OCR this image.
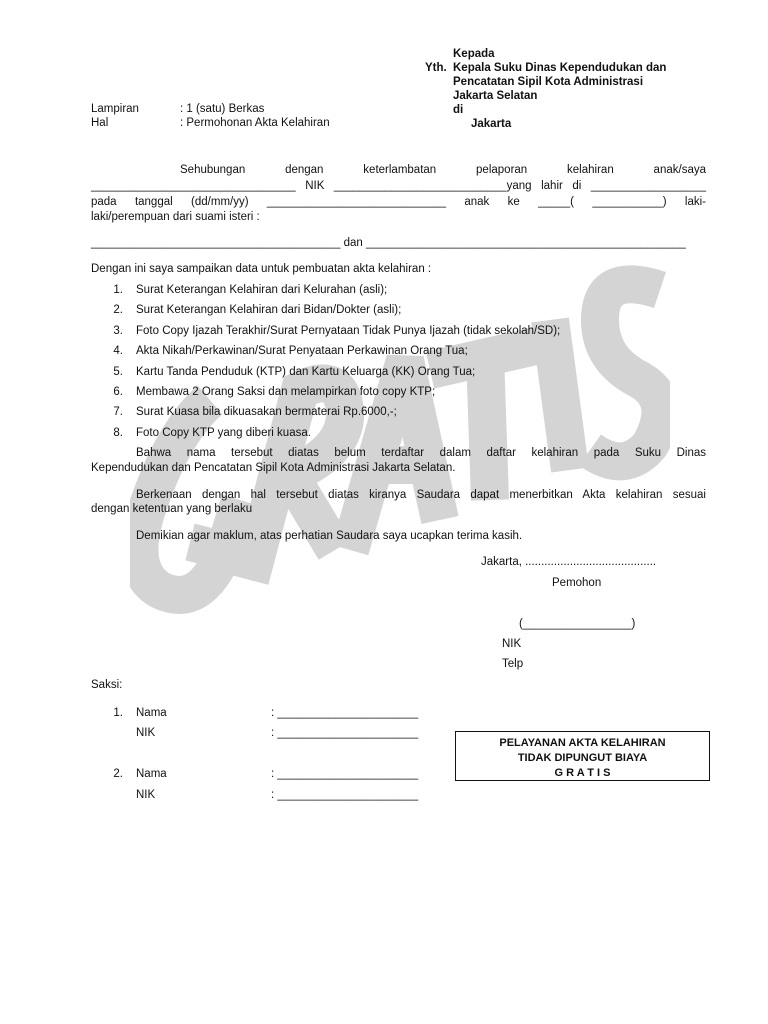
Kepada
Yth. Kepala Suku Dinas Kependudukan dan
Pencatatan Sipil Kota Administrasi
Jakarta Selatan
di
Jakarta
Lampiran	: 1 (satu) Berkas
Hal	: Permohonan Akta Kelahiran
Sehubungan dengan keterlambatan pelaporan kelahiran anak/saya
________________________________ NIK ___________________________yang lahir di __________________
pada tanggal (dd/mm/yy) ____________________________ anak ke _____( ___________) laki-
laki/perempuan dari suami isteri :
_______________________________________ dan __________________________________________________
Dengan ini saya sampaikan data untuk pembuatan akta kelahiran :
1. Surat Keterangan Kelahiran dari Kelurahan (asli);
2. Surat Keterangan Kelahiran dari Bidan/Dokter (asli);
3. Foto Copy Ijazah Terakhir/Surat Pernyataan Tidak Punya Ijazah (tidak sekolah/SD);
4. Akta Nikah/Perkawinan/Surat Penyataan Perkawinan Orang Tua;
5. Kartu Tanda Penduduk (KTP) dan Kartu Keluarga (KK) Orang Tua;
6. Membawa 2 Orang Saksi dan melampirkan foto copy KTP;
7. Surat Kuasa bila dikuasakan bermaterai Rp.6000,-;
8. Foto Copy KTP yang diberi kuasa.
Bahwa nama tersebut diatas belum terdaftar dalam daftar kelahiran pada Suku Dinas
Kependudukan dan Pencatatan Sipil Kota Administrasi Jakarta Selatan.
Berkenaan dengan hal tersebut diatas kiranya Saudara dapat menerbitkan Akta kelahiran sesuai
dengan ketentuan yang berlaku
Demikian agar maklum, atas perhatian Saudara saya ucapkan terima kasih.
Jakarta, .........................................
Pemohon
(_________________)
NIK
Telp
Saksi:
1. Nama	: ______________________
NIK	: ______________________
2. Nama	: ______________________
NIK	: ______________________
PELAYANAN AKTA KELAHIRAN
TIDAK DIPUNGUT BIAYA
G R A T I S
